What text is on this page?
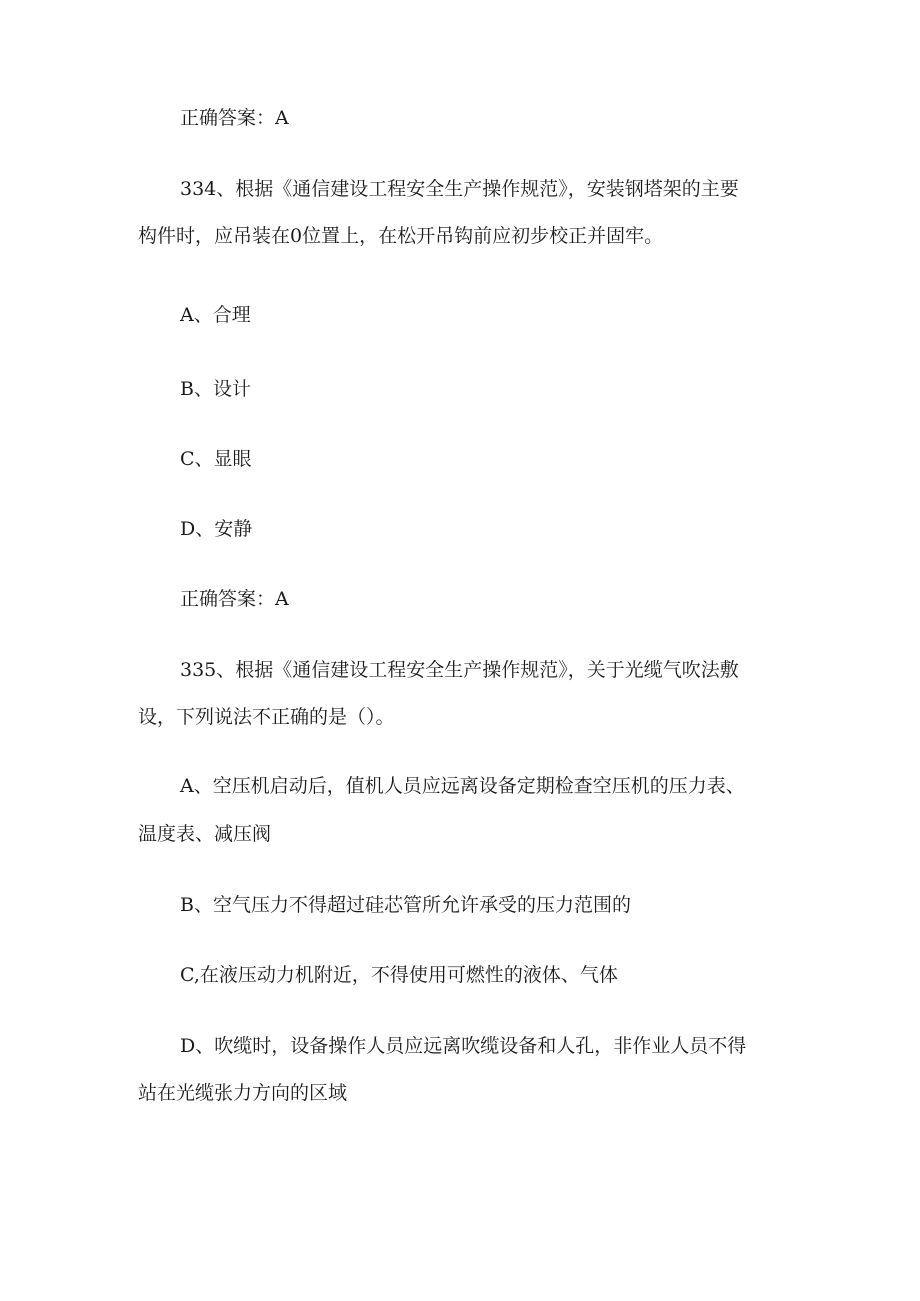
正确答案：A

334、根据《通信建设工程安全生产操作规范》，安装钢塔架的主要

构件时，应吊装在0位置上，在松开吊钩前应初步校正并固牢。

A、合理

B、设计

C、显眼

D、安静

正确答案：A

335、根据《通信建设工程安全生产操作规范》，关于光缆气吹法敷

设，下列说法不正确的是（）。

A、空压机启动后，值机人员应远离设备定期检查空压机的压力表、

温度表、减压阀

B、空气压力不得超过硅芯管所允许承受的压力范围的

C,在液压动力机附近，不得使用可燃性的液体、气体

D、吹缆时，设备操作人员应远离吹缆设备和人孔，非作业人员不得

站在光缆张力方向的区域
